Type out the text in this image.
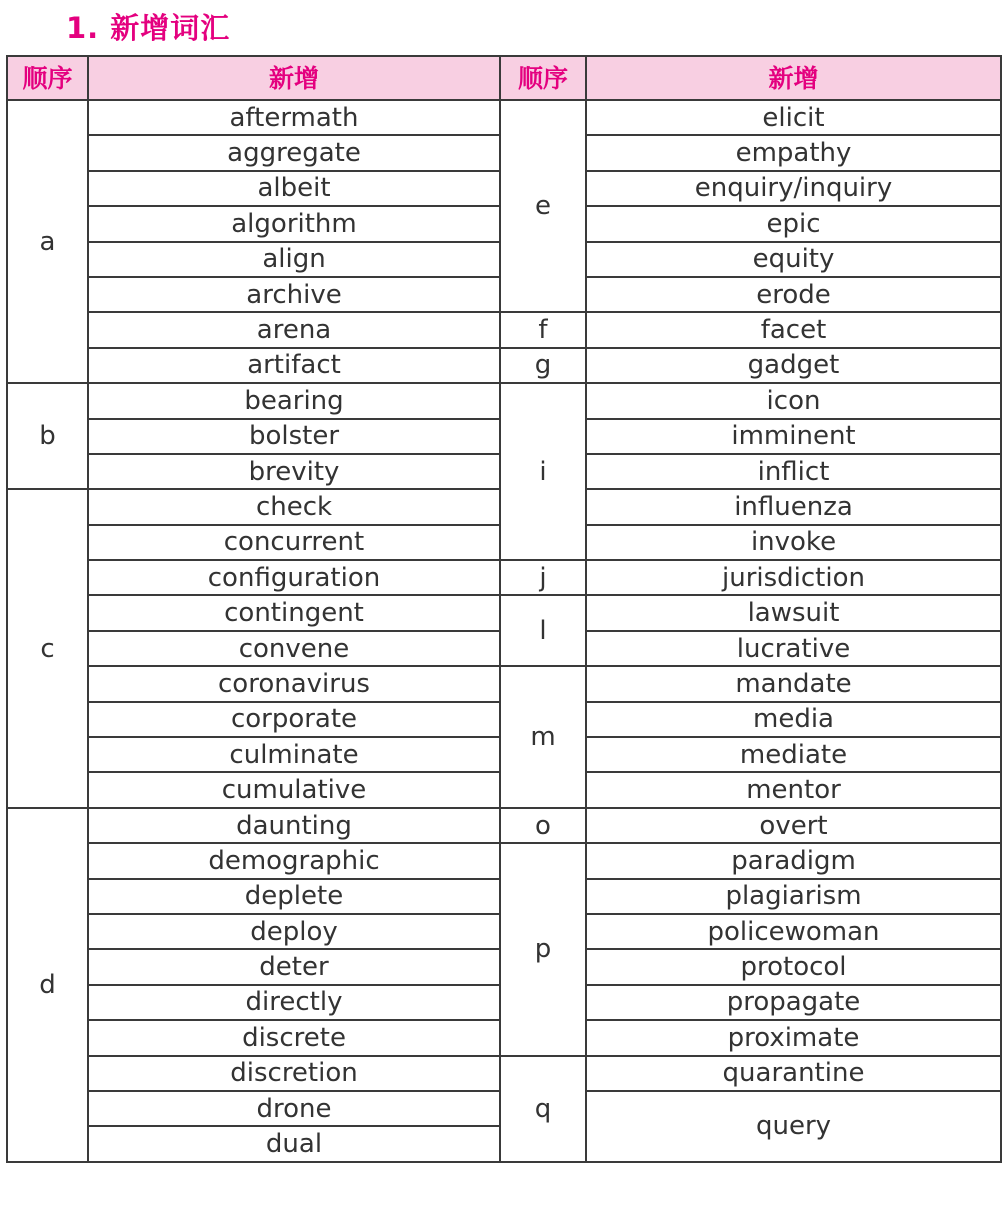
1. 新增词汇
顺序	新增	顺序	新增
a	aftermath	e	elicit
	aggregate		empathy
	albeit		enquiry/inquiry
	algorithm		epic
	align		equity
	archive		erode
	arena	f	facet
	artifact	g	gadget
b	bearing	i	icon
	bolster		imminent
	brevity		inflict
c	check		influenza
	concurrent		invoke
	configuration	j	jurisdiction
	contingent	l	lawsuit
	convene		lucrative
	coronavirus	m	mandate
	corporate		media
	culminate		mediate
	cumulative		mentor
d	daunting	o	overt
	demographic	p	paradigm
	deplete		plagiarism
	deploy		policewoman
	deter		protocol
	directly		propagate
	discrete		proximate
	discretion	q	quarantine
	drone		query
	dual		
